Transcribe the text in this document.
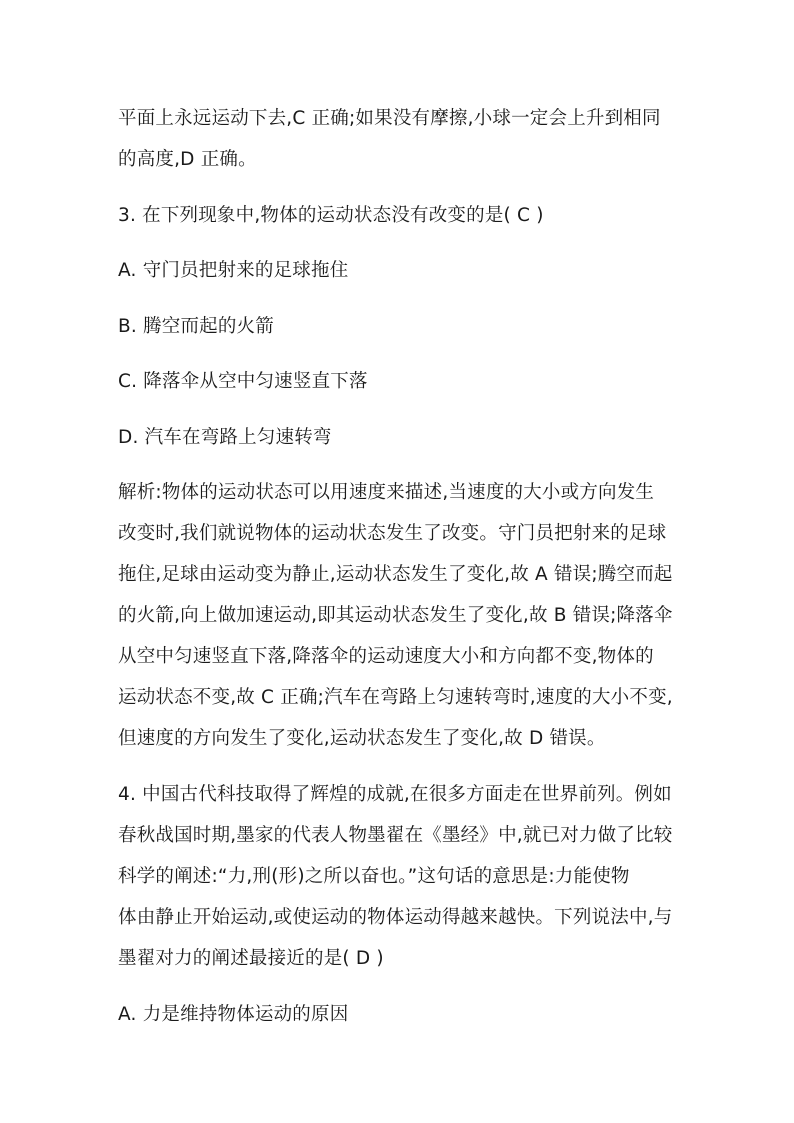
平面上永远运动下去,C 正确;如果没有摩擦,小球一定会上升到相同
的高度,D 正确。
3. 在下列现象中,物体的运动状态没有改变的是( C )
A. 守门员把射来的足球拖住
B. 腾空而起的火箭
C. 降落伞从空中匀速竖直下落
D. 汽车在弯路上匀速转弯
解析:物体的运动状态可以用速度来描述,当速度的大小或方向发生
改变时,我们就说物体的运动状态发生了改变。守门员把射来的足球
拖住,足球由运动变为静止,运动状态发生了变化,故 A 错误;腾空而起
的火箭,向上做加速运动,即其运动状态发生了变化,故 B 错误;降落伞
从空中匀速竖直下落,降落伞的运动速度大小和方向都不变,物体的
运动状态不变,故 C 正确;汽车在弯路上匀速转弯时,速度的大小不变,
但速度的方向发生了变化,运动状态发生了变化,故 D 错误。
4. 中国古代科技取得了辉煌的成就,在很多方面走在世界前列。例如
春秋战国时期,墨家的代表人物墨翟在《墨经》中,就已对力做了比较
科学的阐述:“力,刑(形)之所以奋也。”这句话的意思是:力能使物
体由静止开始运动,或使运动的物体运动得越来越快。下列说法中,与
墨翟对力的阐述最接近的是( D )
A. 力是维持物体运动的原因
